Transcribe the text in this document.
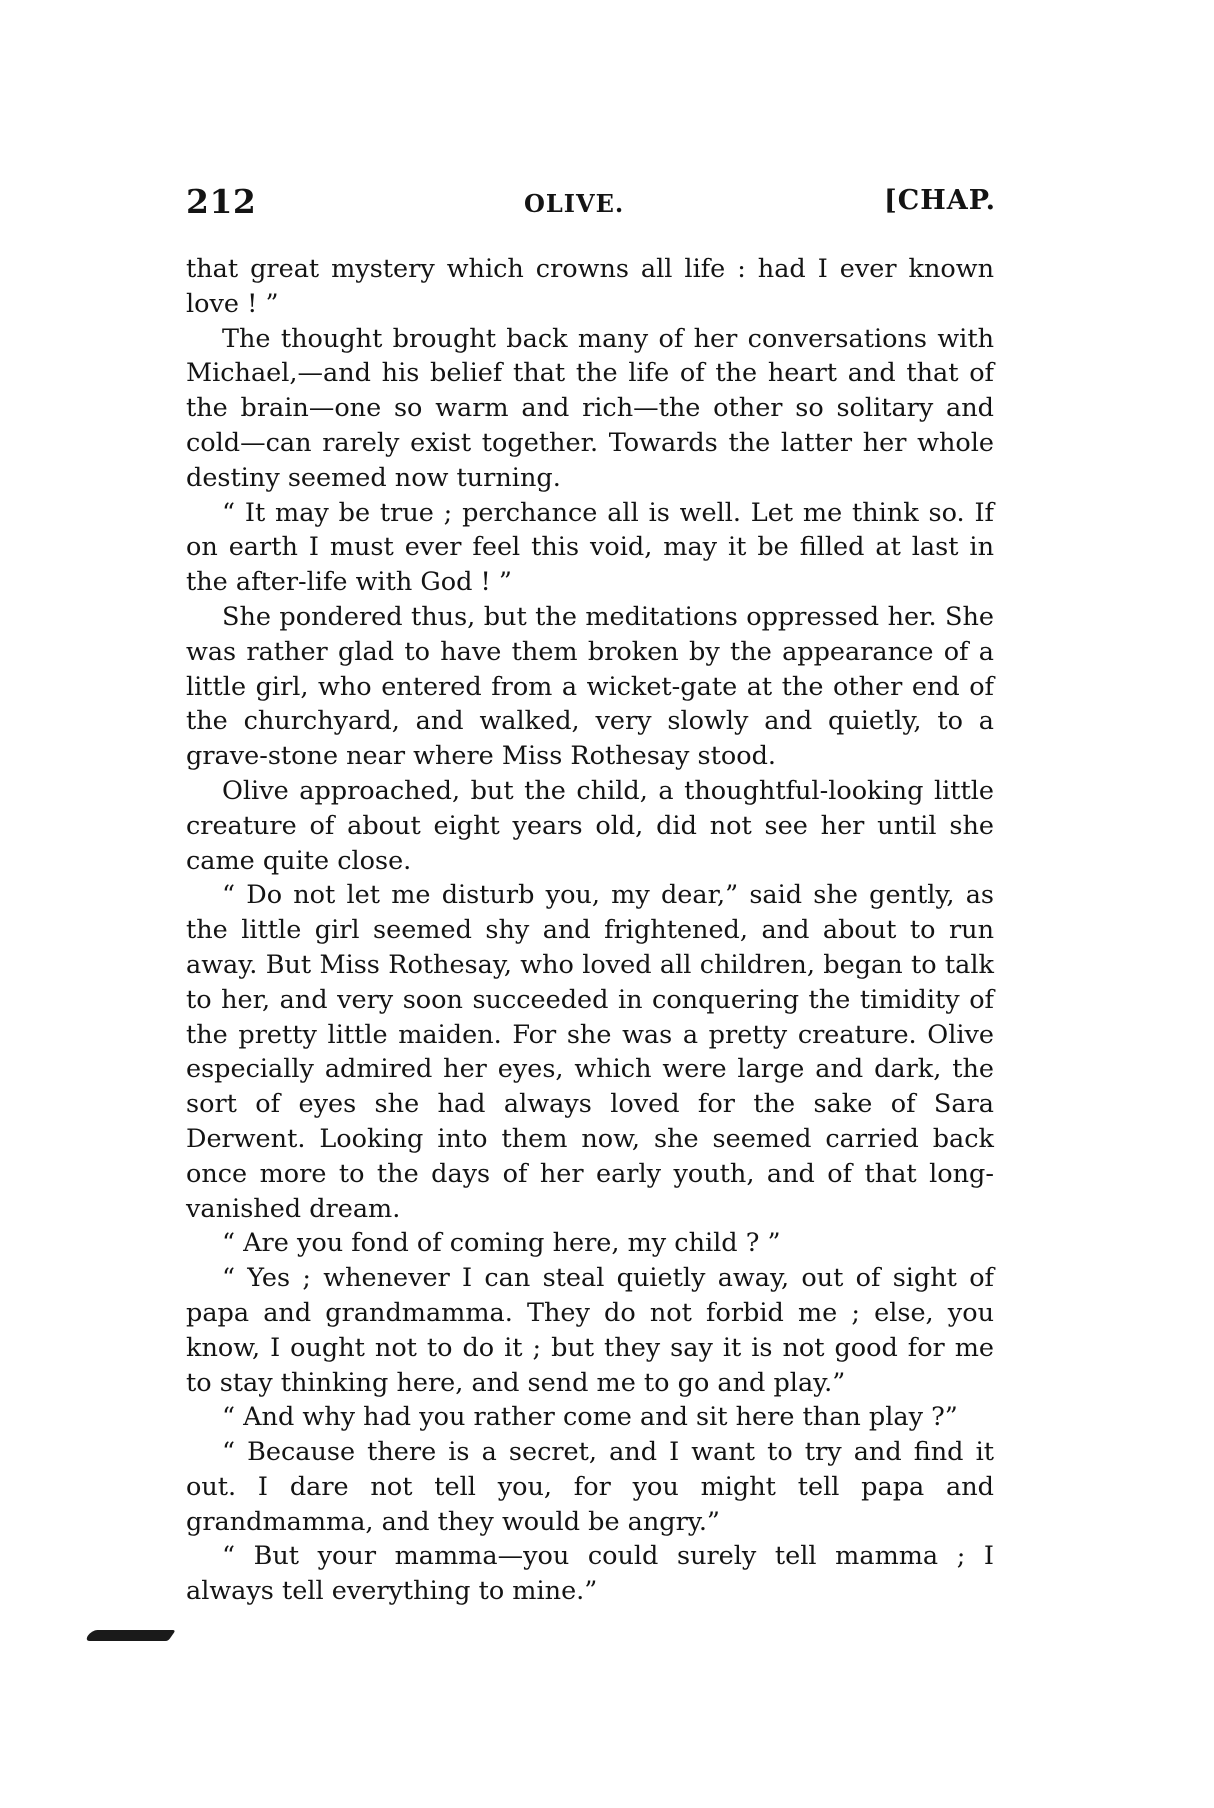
212	OLIVE.	[CHAP.

that great mystery which crowns all life : had I ever known love ! ”

The thought brought back many of her conversations with Michael,—and his belief that the life of the heart and that of the brain—one so warm and rich—the other so solitary and cold—can rarely exist together. Towards the latter her whole destiny seemed now turning.

“ It may be true ; perchance all is well. Let me think so. If on earth I must ever feel this void, may it be filled at last in the after-life with God ! ”

She pondered thus, but the meditations oppressed her. She was rather glad to have them broken by the appearance of a little girl, who entered from a wicket-gate at the other end of the churchyard, and walked, very slowly and quietly, to a grave-stone near where Miss Rothesay stood.

Olive approached, but the child, a thoughtful-looking little creature of about eight years old, did not see her until she came quite close.

“ Do not let me disturb you, my dear,” said she gently, as the little girl seemed shy and frightened, and about to run away. But Miss Rothesay, who loved all children, began to talk to her, and very soon succeeded in conquering the timidity of the pretty little maiden. For she was a pretty creature. Olive especially admired her eyes, which were large and dark, the sort of eyes she had always loved for the sake of Sara Derwent. Looking into them now, she seemed carried back once more to the days of her early youth, and of that long-vanished dream.

“ Are you fond of coming here, my child ? ”

“ Yes ; whenever I can steal quietly away, out of sight of papa and grandmamma. They do not forbid me ; else, you know, I ought not to do it ; but they say it is not good for me to stay thinking here, and send me to go and play.”

“ And why had you rather come and sit here than play ?”

“ Because there is a secret, and I want to try and find it out. I dare not tell you, for you might tell papa and grandmamma, and they would be angry.”

“ But your mamma—you could surely tell mamma ; I always tell everything to mine.”
